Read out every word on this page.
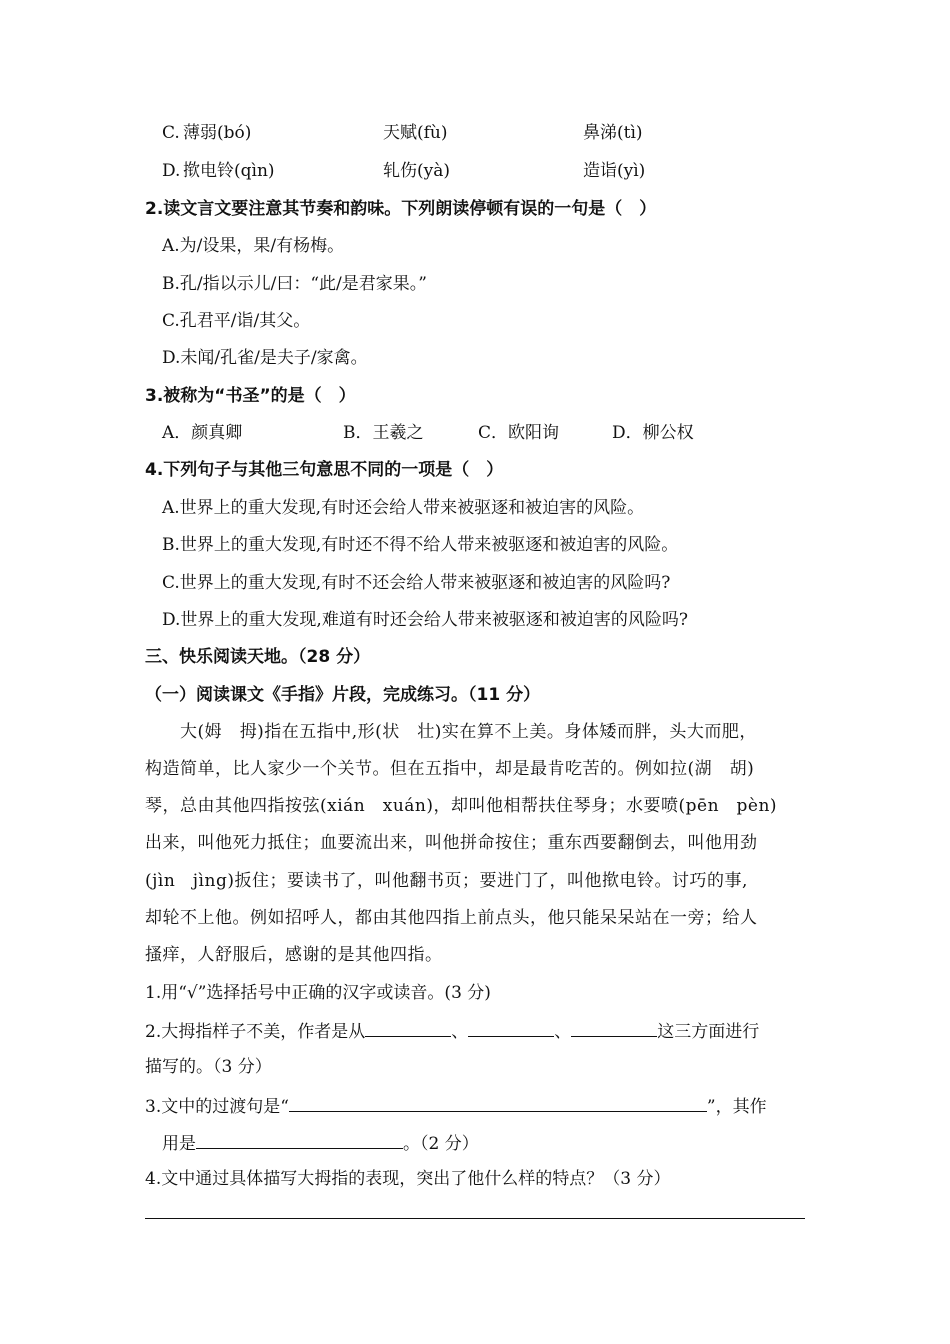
C. 薄弱(bó)	天赋(fù)	鼻涕(tì)
D. 揿电铃(qìn)	轧伤(yà)	造诣(yì)
2.读文言文要注意其节奏和韵味。下列朗读停顿有误的一句是（　）
A.为/设果，果/有杨梅。
B.孔/指以示儿/曰：“此/是君家果。”
C.孔君平/诣/其父。
D.未闻/孔雀/是夫子/家禽。
3.被称为“书圣”的是（　）
A．颜真卿	B．王羲之	C．欧阳询	D．柳公权
4.下列句子与其他三句意思不同的一项是（　）
A.世界上的重大发现,有时还会给人带来被驱逐和被迫害的风险。
B.世界上的重大发现,有时还不得不给人带来被驱逐和被迫害的风险。
C.世界上的重大发现,有时不还会给人带来被驱逐和被迫害的风险吗?
D.世界上的重大发现,难道有时还会给人带来被驱逐和被迫害的风险吗?
三、快乐阅读天地。（28 分）
（一）阅读课文《手指》片段，完成练习。（11 分）
大(姆　拇)指在五指中,形(状　壮)实在算不上美。身体矮而胖，头大而肥，
构造简单，比人家少一个关节。但在五指中，却是最肯吃苦的。例如拉(湖　胡)
琴，总由其他四指按弦(xián　xuán)，却叫他相帮扶住琴身；水要喷(pēn　pèn)
出来，叫他死力抵住；血要流出来，叫他拼命按住；重东西要翻倒去，叫他用劲
(jìn　jìng)扳住；要读书了，叫他翻书页；要进门了，叫他揿电铃。讨巧的事,
却轮不上他。例如招呼人，都由其他四指上前点头，他只能呆呆站在一旁；给人
搔痒，人舒服后，感谢的是其他四指。
1.用“√”选择括号中正确的汉字或读音。(3 分)
2.大拇指样子不美，作者是从	、	、	这三方面进行
描写的。（3 分）
3.文中的过渡句是“	”，其作
用是	。（2 分）
4.文中通过具体描写大拇指的表现，突出了他什么样的特点？（3 分）
